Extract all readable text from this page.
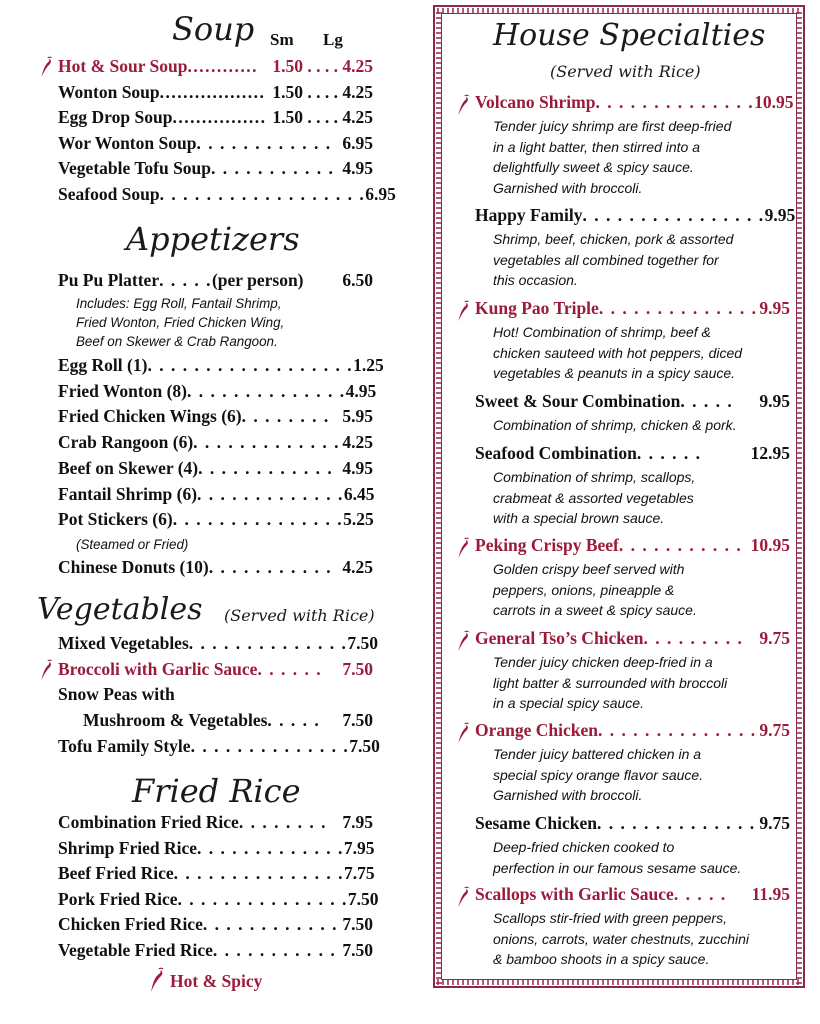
Soup Sm Lg
Hot & Sour Soup ............ 1.50 . . . . 4.25
Wonton Soup .................. 1.50 . . . . 4.25
Egg Drop Soup ................ 1.50 . . . . 4.25
Wor Wonton Soup . . . . . . . . . . . . 6.95
Vegetable Tofu Soup . . . . . . . . . . . 4.95
Seafood Soup . . . . . . . . . . . . . . . . . . 6.95
Appetizers
Pu Pu Platter . . . . . (per person) 6.50
Includes: Egg Roll, Fantail Shrimp,
Fried Wonton, Fried Chicken Wing,
Beef on Skewer & Crab Rangoon.
Egg Roll (1) . . . . . . . . . . . . . . . . . . 1.25
Fried Wonton (8) . . . . . . . . . . . . . . 4.95
Fried Chicken Wings (6) . . . . . . . . 5.95
Crab Rangoon (6) . . . . . . . . . . . . . 4.25
Beef on Skewer (4) . . . . . . . . . . . . 4.95
Fantail Shrimp (6) . . . . . . . . . . . . . 6.45
Pot Stickers (6) . . . . . . . . . . . . . . . 5.25
(Steamed or Fried)
Chinese Donuts (10) . . . . . . . . . . . 4.25
Vegetables (Served with Rice)
Mixed Vegetables . . . . . . . . . . . . . . 7.50
Broccoli with Garlic Sauce . . . . . .	7.50
Snow Peas with
Mushroom & Vegetables . . . . .	7.50
Tofu Family Style . . . . . . . . . . . . . . 7.50
Fried Rice
Combination Fried Rice . . . . . . . . 7.95
Shrimp Fried Rice . . . . . . . . . . . . . 7.95
Beef Fried Rice . . . . . . . . . . . . . . . 7.75
Pork Fried Rice . . . . . . . . . . . . . . . 7.50
Chicken Fried Rice . . . . . . . . . . . . 7.50
Vegetable Fried Rice . . . . . . . . . . . 7.50
Hot & Spicy
House Specialties
(Served with Rice)
Volcano Shrimp . . . . . . . . . . . . . . 10.95
Tender juicy shrimp are first deep-fried
in a light batter, then stirred into a
delightfully sweet & spicy sauce.
Garnished with broccoli.
Happy Family . . . . . . . . . . . . . . . . 9.95
Shrimp, beef, chicken, pork & assorted
vegetables all combined together for
this occasion.
Kung Pao Triple . . . . . . . . . . . . . . 9.95
Hot! Combination of shrimp, beef &
chicken sauteed with hot peppers, diced
vegetables & peanuts in a spicy sauce.
Sweet & Sour Combination . . . . .	9.95
Combination of shrimp, chicken & pork.
Seafood Combination . . . . . .	12.95
Combination of shrimp, scallops,
crabmeat & assorted vegetables
with a special brown sauce.
Peking Crispy Beef . . . . . . . . . . . 10.95
Golden crispy beef served with
peppers, onions, pineapple &
carrots in a sweet & spicy sauce.
General Tso’s Chicken . . . . . . . . . 9.75
Tender juicy chicken deep-fried in a
light batter & surrounded with broccoli
in a special spicy sauce.
Orange Chicken . . . . . . . . . . . . . . 9.75
Tender juicy battered chicken in a
special spicy orange flavor sauce.
Garnished with broccoli.
Sesame Chicken . . . . . . . . . . . . . . 9.75
Deep-fried chicken cooked to
perfection in our famous sesame sauce.
Scallops with Garlic Sauce . . . . .	11.95
Scallops stir-fried with green peppers,
onions, carrots, water chestnuts, zucchini
& bamboo shoots in a spicy sauce.
